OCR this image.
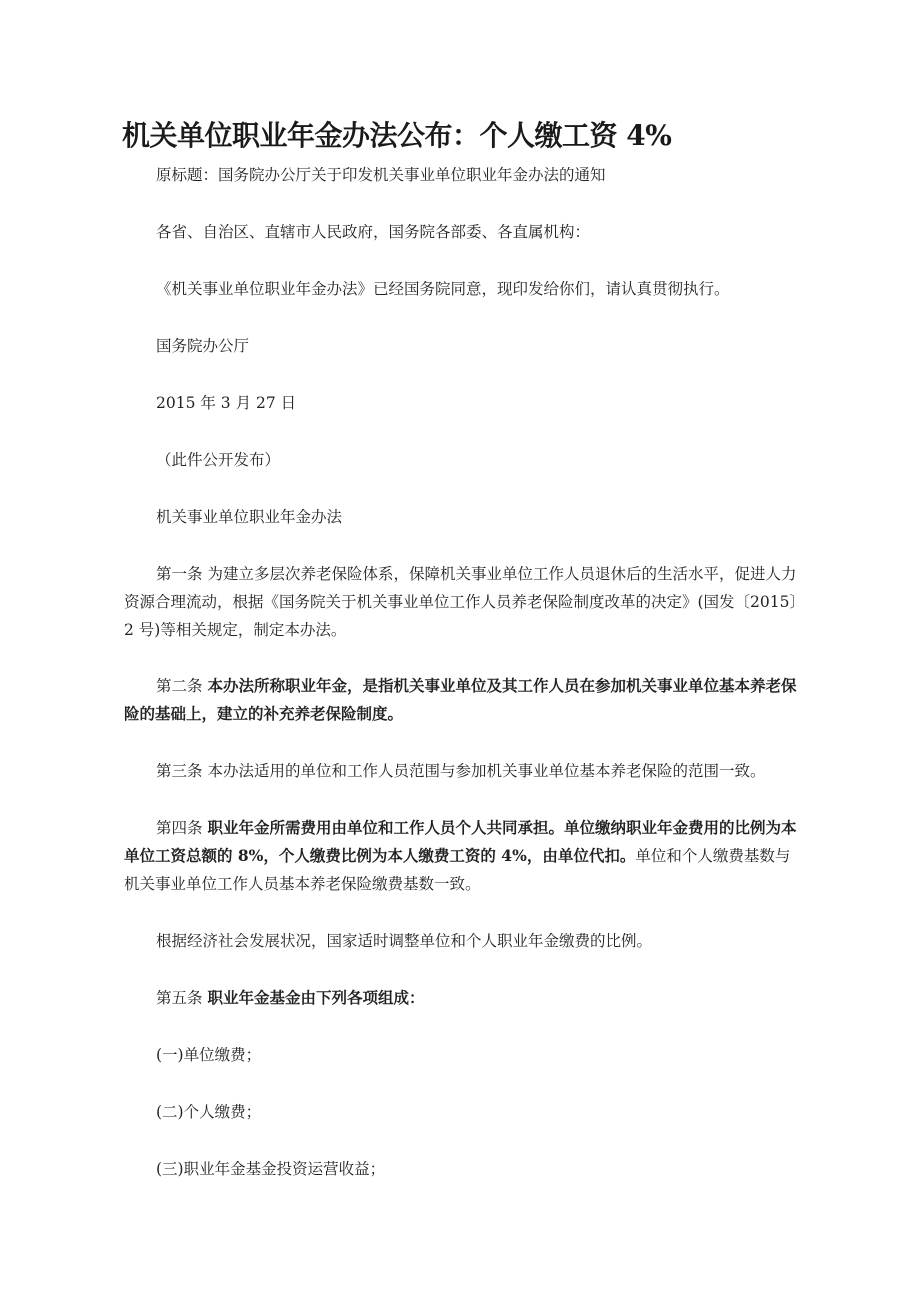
机关单位职业年金办法公布：个人缴工资 4%

原标题：国务院办公厅关于印发机关事业单位职业年金办法的通知

各省、自治区、直辖市人民政府，国务院各部委、各直属机构：

《机关事业单位职业年金办法》已经国务院同意，现印发给你们，请认真贯彻执行。

国务院办公厅

2015 年 3 月 27 日

（此件公开发布）

机关事业单位职业年金办法

第一条 为建立多层次养老保险体系，保障机关事业单位工作人员退休后的生活水平，促进人力资源合理流动，根据《国务院关于机关事业单位工作人员养老保险制度改革的决定》(国发〔2015〕2 号)等相关规定，制定本办法。

第二条 本办法所称职业年金，是指机关事业单位及其工作人员在参加机关事业单位基本养老保险的基础上，建立的补充养老保险制度。

第三条 本办法适用的单位和工作人员范围与参加机关事业单位基本养老保险的范围一致。

第四条 职业年金所需费用由单位和工作人员个人共同承担。单位缴纳职业年金费用的比例为本单位工资总额的 8%，个人缴费比例为本人缴费工资的 4%，由单位代扣。单位和个人缴费基数与机关事业单位工作人员基本养老保险缴费基数一致。

根据经济社会发展状况，国家适时调整单位和个人职业年金缴费的比例。

第五条 职业年金基金由下列各项组成：

(一)单位缴费；

(二)个人缴费；

(三)职业年金基金投资运营收益；
